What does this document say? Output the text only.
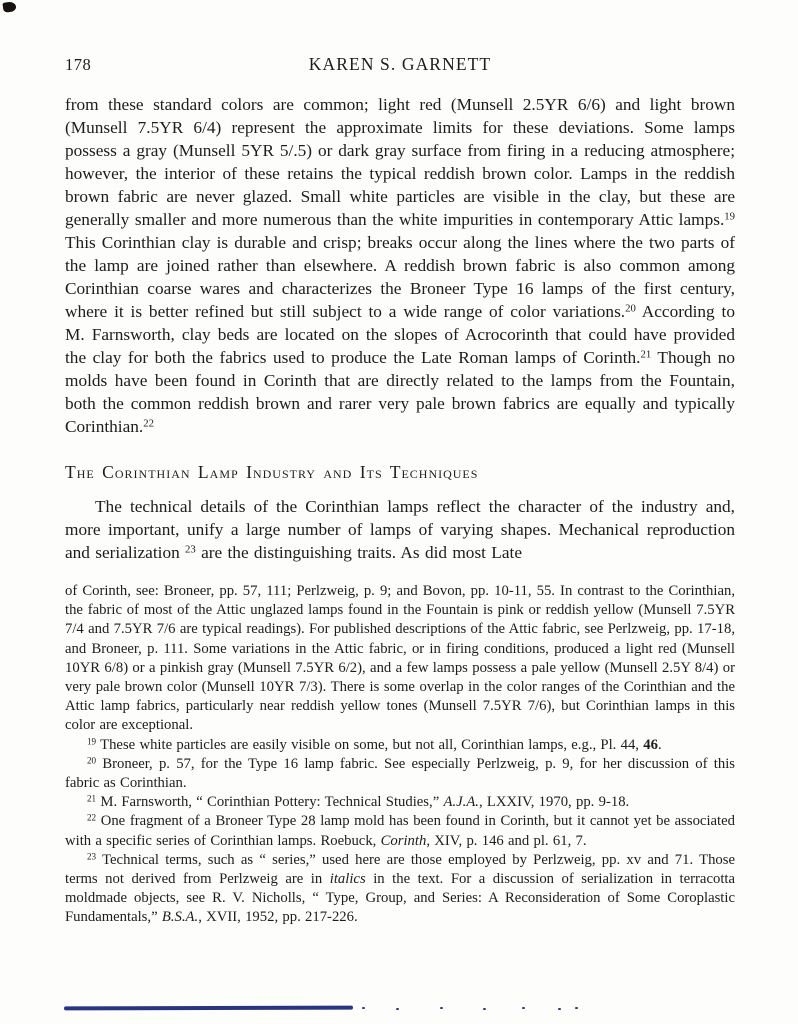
178	KAREN S. GARNETT

from these standard colors are common; light red (Munsell 2.5YR 6/6) and light brown (Munsell 7.5YR 6/4) represent the approximate limits for these deviations. Some lamps possess a gray (Munsell 5YR 5/.5) or dark gray surface from firing in a reducing atmosphere; however, the interior of these retains the typical reddish brown color. Lamps in the reddish brown fabric are never glazed. Small white particles are visible in the clay, but these are generally smaller and more numerous than the white impurities in contemporary Attic lamps.$^{19}$ This Corinthian clay is durable and crisp; breaks occur along the lines where the two parts of the lamp are joined rather than elsewhere. A reddish brown fabric is also common among Corinthian coarse wares and characterizes the Broneer Type 16 lamps of the first century, where it is better refined but still subject to a wide range of color variations.$^{20}$ According to M. Farnsworth, clay beds are located on the slopes of Acrocorinth that could have provided the clay for both the fabrics used to produce the Late Roman lamps of Corinth.$^{21}$ Though no molds have been found in Corinth that are directly related to the lamps from the Fountain, both the common reddish brown and rarer very pale brown fabrics are equally and typically Corinthian.$^{22}$

The Corinthian Lamp Industry and Its Techniques

The technical details of the Corinthian lamps reflect the character of the industry and, more important, unify a large number of lamps of varying shapes. Mechanical reproduction and serialization $^{23}$ are the distinguishing traits. As did most Late

of Corinth, see: Broneer, pp. 57, 111; Perlzweig, p. 9; and Bovon, pp. 10-11, 55. In contrast to the Corinthian, the fabric of most of the Attic unglazed lamps found in the Fountain is pink or reddish yellow (Munsell 7.5YR 7/4 and 7.5YR 7/6 are typical readings). For published descriptions of the Attic fabric, see Perlzweig, pp. 17-18, and Broneer, p. 111. Some variations in the Attic fabric, or in firing conditions, produced a light red (Munsell 10YR 6/8) or a pinkish gray (Munsell 7.5YR 6/2), and a few lamps possess a pale yellow (Munsell 2.5Y 8/4) or very pale brown color (Munsell 10YR 7/3). There is some overlap in the color ranges of the Corinthian and the Attic lamp fabrics, particularly near reddish yellow tones (Munsell 7.5YR 7/6), but Corinthian lamps in this color are exceptional.

$^{19}$ These white particles are easily visible on some, but not all, Corinthian lamps, e.g., Pl. 44, 46.

$^{20}$ Broneer, p. 57, for the Type 16 lamp fabric. See especially Perlzweig, p. 9, for her discussion of this fabric as Corinthian.

$^{21}$ M. Farnsworth, “ Corinthian Pottery: Technical Studies,” A.J.A., LXXIV, 1970, pp. 9-18.

$^{22}$ One fragment of a Broneer Type 28 lamp mold has been found in Corinth, but it cannot yet be associated with a specific series of Corinthian lamps. Roebuck, Corinth, XIV, p. 146 and pl. 61, 7.

$^{23}$ Technical terms, such as “ series,” used here are those employed by Perlzweig, pp. xv and 71. Those terms not derived from Perlzweig are in italics in the text. For a discussion of serialization in terracotta moldmade objects, see R. V. Nicholls, “ Type, Group, and Series: A Reconsideration of Some Coroplastic Fundamentals,” B.S.A., XVII, 1952, pp. 217-226.
